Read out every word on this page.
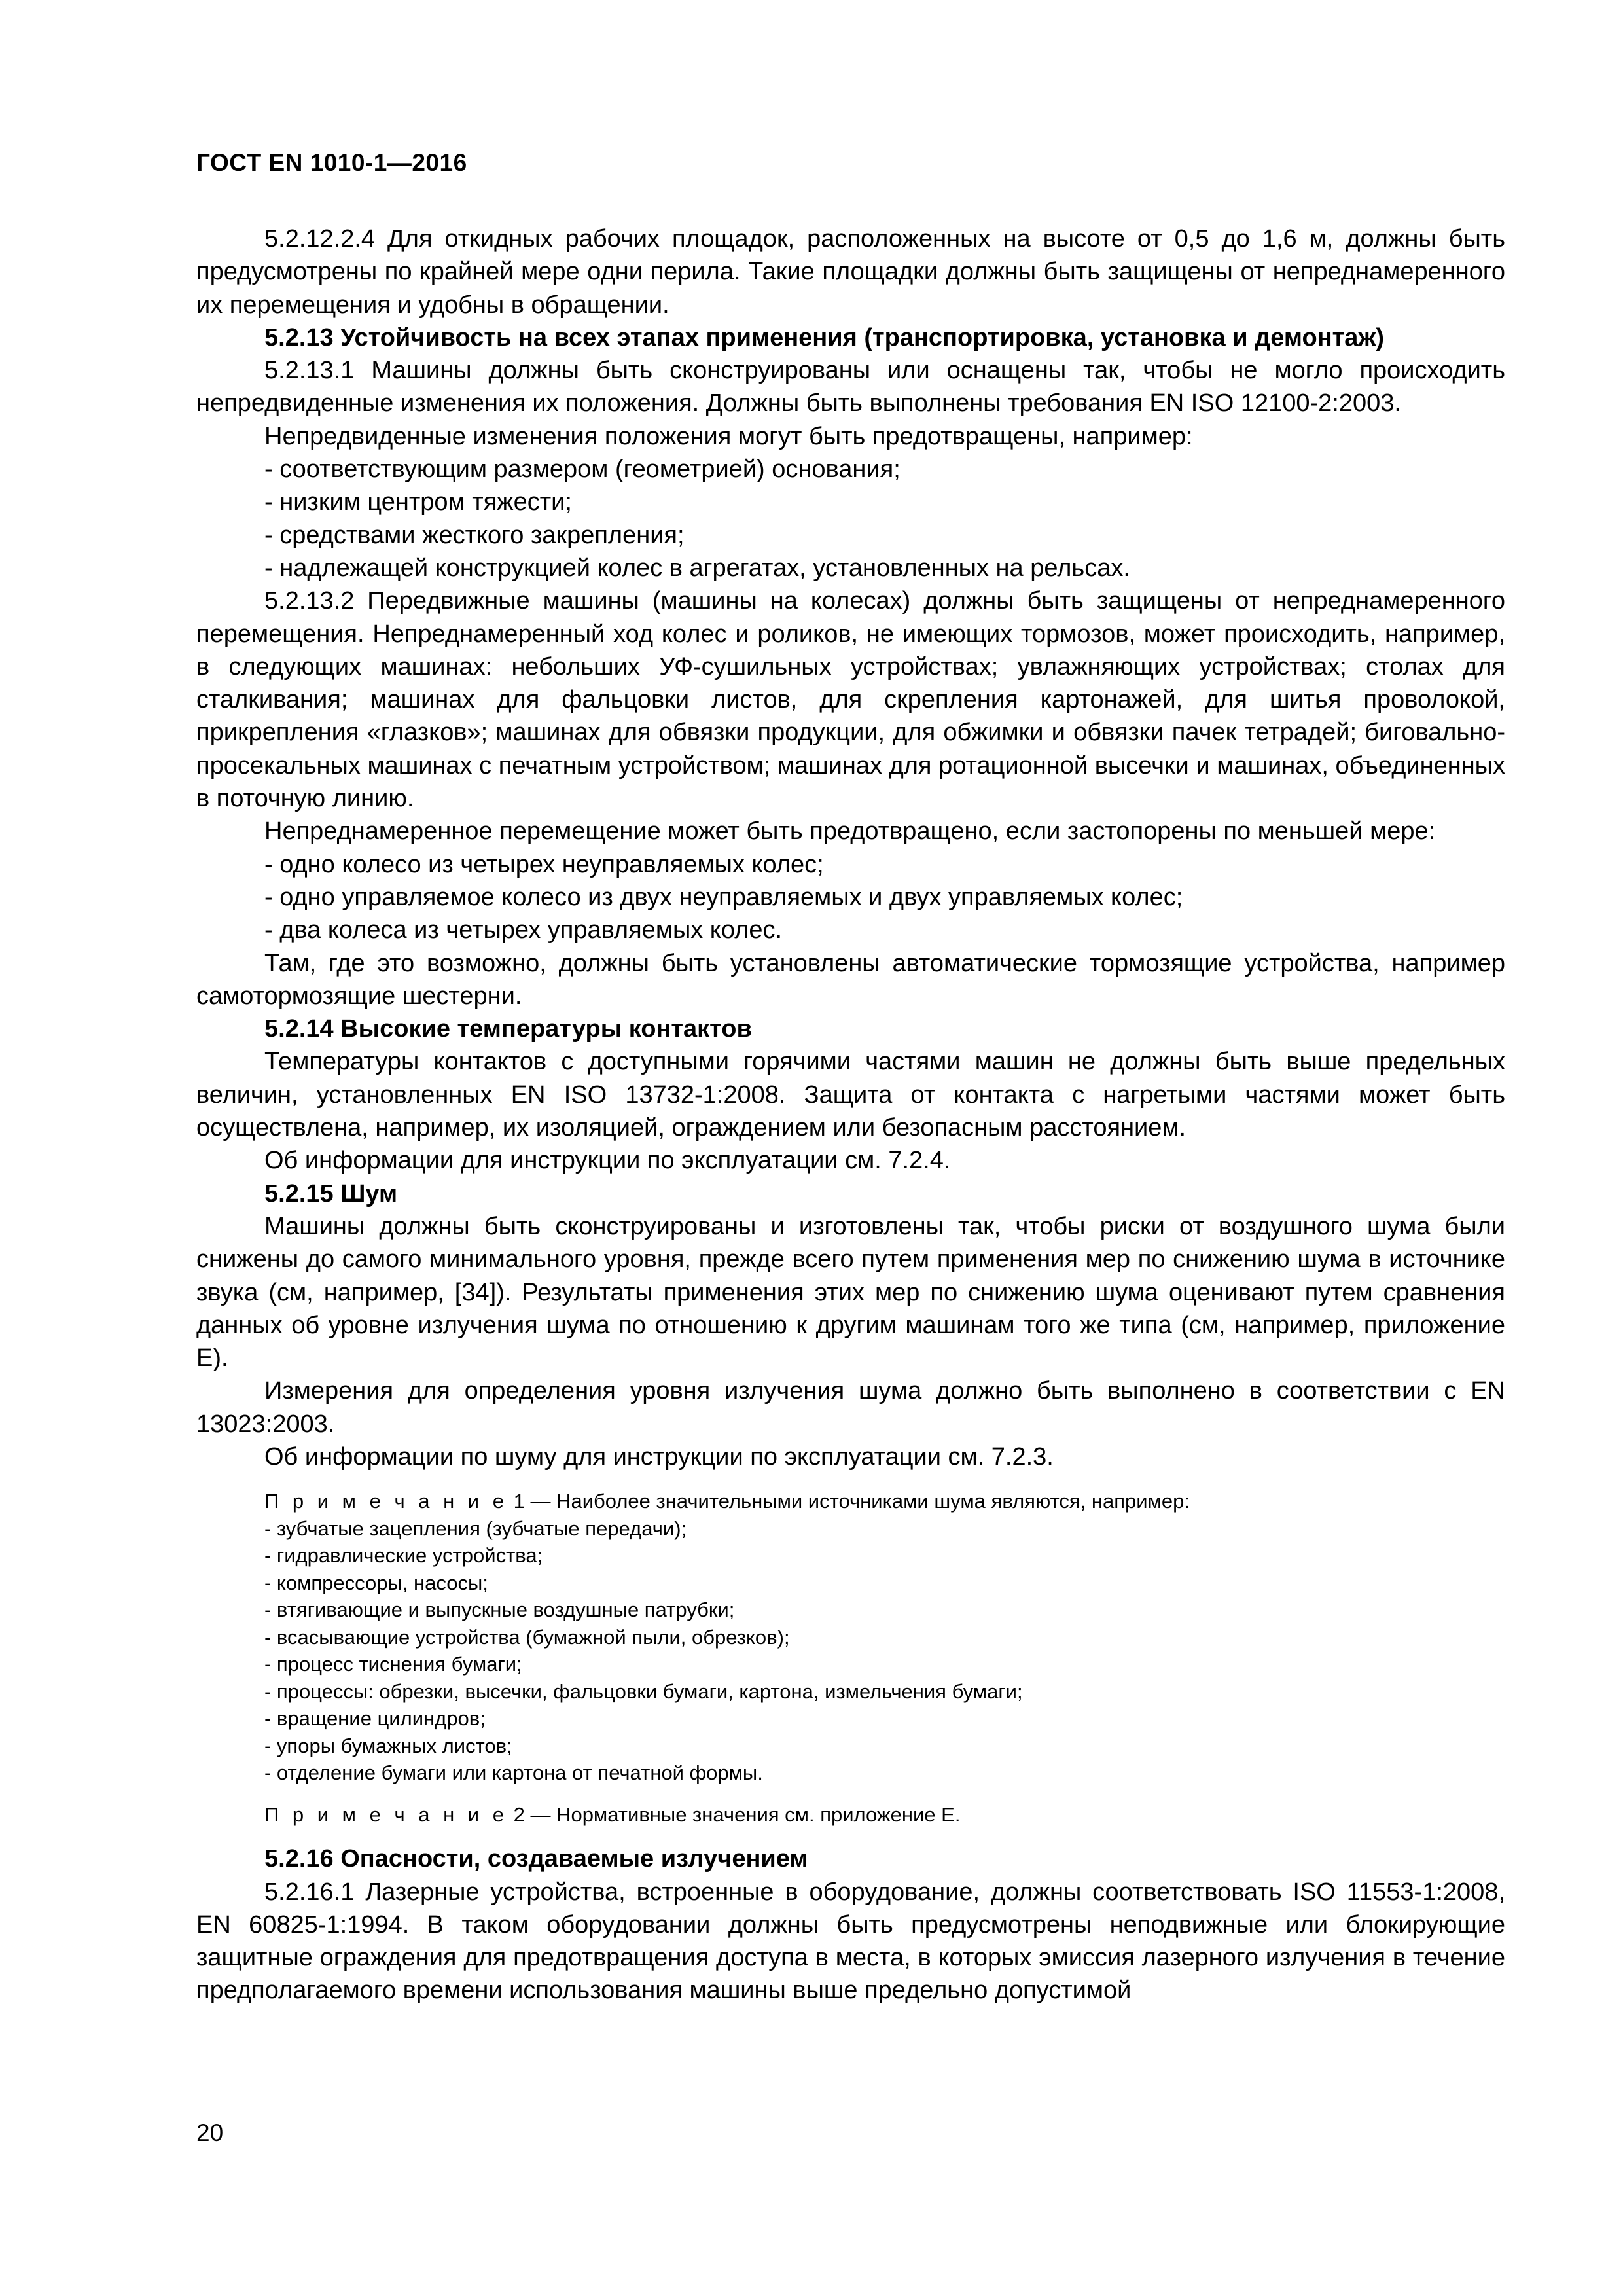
ГОСТ EN 1010-1—2016

5.2.12.2.4 Для откидных рабочих площадок, расположенных на высоте от 0,5 до 1,6 м, должны быть предусмотрены по крайней мере одни перила. Такие площадки должны быть защищены от непреднамеренного их перемещения и удобны в обращении.

5.2.13 Устойчивость на всех этапах применения (транспортировка, установка и демонтаж)

5.2.13.1 Машины должны быть сконструированы или оснащены так, чтобы не могло происходить непредвиденные изменения их положения. Должны быть выполнены требования EN ISO 12100-2:2003.

Непредвиденные изменения положения могут быть предотвращены, например:

- соответствующим размером (геометрией) основания;

- низким центром тяжести;

- средствами жесткого закрепления;

- надлежащей конструкцией колес в агрегатах, установленных на рельсах.

5.2.13.2 Передвижные машины (машины на колесах) должны быть защищены от непреднамеренного перемещения. Непреднамеренный ход колес и роликов, не имеющих тормозов, может происходить, например, в следующих машинах: небольших УФ-сушильных устройствах; увлажняющих устройствах; столах для сталкивания; машинах для фальцовки листов, для скрепления картонажей, для шитья проволокой, прикрепления «глазков»; машинах для обвязки продукции, для обжимки и обвязки пачек тетрадей; биговально-просекальных машинах с печатным устройством; машинах для ротационной высечки и машинах, объединенных в поточную линию.

Непреднамеренное перемещение может быть предотвращено, если застопорены по меньшей мере:

- одно колесо из четырех неуправляемых колес;

- одно управляемое колесо из двух неуправляемых и двух управляемых колес;

- два колеса из четырех управляемых колес.

Там, где это возможно, должны быть установлены автоматические тормозящие устройства, например самотормозящие шестерни.

5.2.14 Высокие температуры контактов

Температуры контактов с доступными горячими частями машин не должны быть выше предельных величин, установленных EN ISO 13732-1:2008. Защита от контакта с нагретыми частями может быть осуществлена, например, их изоляцией, ограждением или безопасным расстоянием.

Об информации для инструкции по эксплуатации см. 7.2.4.

5.2.15 Шум

Машины должны быть сконструированы и изготовлены так, чтобы риски от воздушного шума были снижены до самого минимального уровня, прежде всего путем применения мер по снижению шума в источнике звука (см, например, [34]). Результаты применения этих мер по снижению шума оценивают путем сравнения данных об уровне излучения шума по отношению к другим машинам того же типа (см, например, приложение E).

Измерения для определения уровня излучения шума должно быть выполнено в соответствии с EN 13023:2003.

Об информации по шуму для инструкции по эксплуатации см. 7.2.3.

П р и м е ч а н и е 1 — Наиболее значительными источниками шума являются, например:

- зубчатые зацепления (зубчатые передачи);

- гидравлические устройства;

- компрессоры, насосы;

- втягивающие и выпускные воздушные патрубки;

- всасывающие устройства (бумажной пыли, обрезков);

- процесс тиснения бумаги;

- процессы: обрезки, высечки, фальцовки бумаги, картона, измельчения бумаги;

- вращение цилиндров;

- упоры бумажных листов;

- отделение бумаги или картона от печатной формы.

П р и м е ч а н и е 2 — Нормативные значения см. приложение E.

5.2.16 Опасности, создаваемые излучением

5.2.16.1 Лазерные устройства, встроенные в оборудование, должны соответствовать ISO 11553-1:2008, EN 60825-1:1994. В таком оборудовании должны быть предусмотрены неподвижные или блокирующие защитные ограждения для предотвращения доступа в места, в которых эмиссия лазерного излучения в течение предполагаемого времени использования машины выше предельно допустимой

20
